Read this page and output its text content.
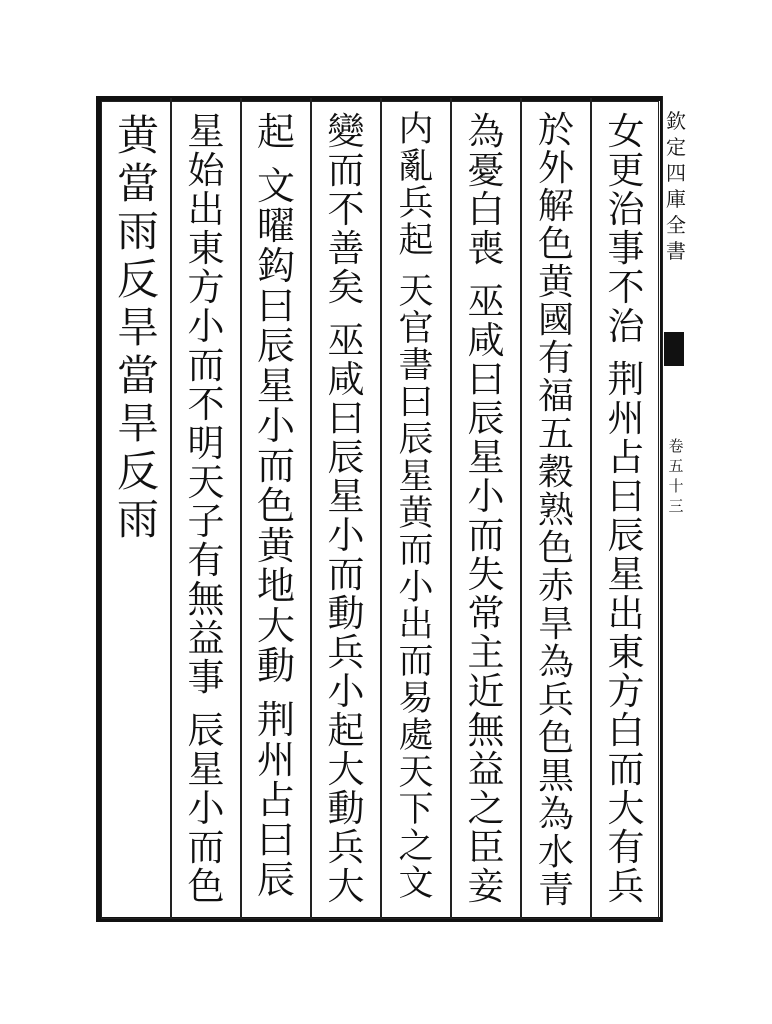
欽
定
四
庫
全
書
卷
五
十
三
女
更
治
事
不
治
荆
州
占
曰
辰
星
出
東
方
白
而
大
有
兵
於
外
解
色
黄
國
有
福
五
穀
熟
色
赤
旱
為
兵
色
黒
為
水
青
為
憂
白
喪
巫
咸
曰
辰
星
小
而
失
常
主
近
無
益
之
臣
妾
内
亂
兵
起
天
官
書
曰
辰
星
黄
而
小
出
而
易
處
天
下
之
文
變
而
不
善
矣
巫
咸
曰
辰
星
小
而
動
兵
小
起
大
動
兵
大
起
文
曜
鈎
曰
辰
星
小
而
色
黄
地
大
動
荆
州
占
曰
辰
星
始
出
東
方
小
而
不
明
天
子
有
無
益
事
辰
星
小
而
色
黄
當
雨
反
旱
當
旱
反
雨
